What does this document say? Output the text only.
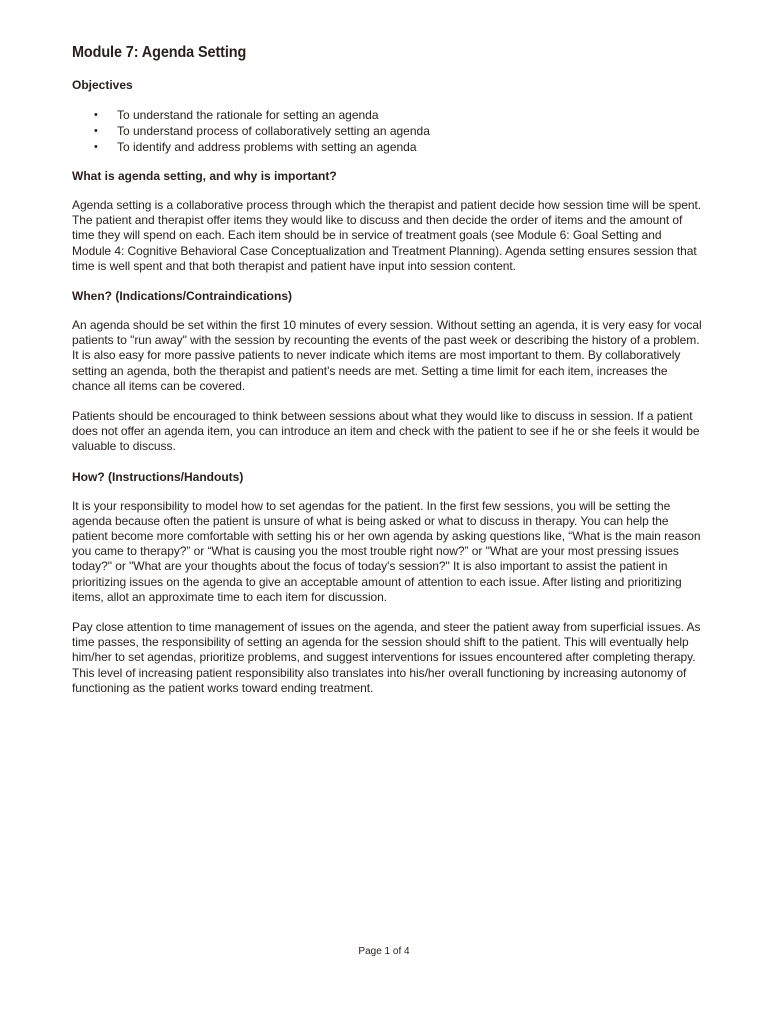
Module 7: Agenda Setting
Objectives
• To understand the rationale for setting an agenda
• To understand process of collaboratively setting an agenda
• To identify and address problems with setting an agenda
What is agenda setting, and why is important?

Agenda setting is a collaborative process through which the therapist and patient decide how session time will be spent. The patient and therapist offer items they would like to discuss and then decide the order of items and the amount of time they will spend on each. Each item should be in service of treatment goals (see Module 6: Goal Setting and Module 4: Cognitive Behavioral Case Conceptualization and Treatment Planning). Agenda setting ensures session that time is well spent and that both therapist and patient have input into session content.

When? (Indications/Contraindications)

An agenda should be set within the first 10 minutes of every session. Without setting an agenda, it is very easy for vocal patients to "run away" with the session by recounting the events of the past week or describing the history of a problem. It is also easy for more passive patients to never indicate which items are most important to them. By collaboratively setting an agenda, both the therapist and patient's needs are met. Setting a time limit for each item, increases the chance all items can be covered.

Patients should be encouraged to think between sessions about what they would like to discuss in session. If a patient does not offer an agenda item, you can introduce an item and check with the patient to see if he or she feels it would be valuable to discuss.

How? (Instructions/Handouts)

It is your responsibility to model how to set agendas for the patient. In the first few sessions, you will be setting the agenda because often the patient is unsure of what is being asked or what to discuss in therapy. You can help the patient become more comfortable with setting his or her own agenda by asking questions like, “What is the main reason you came to therapy?” or “What is causing you the most trouble right now?” or "What are your most pressing issues today?" or "What are your thoughts about the focus of today's session?" It is also important to assist the patient in prioritizing issues on the agenda to give an acceptable amount of attention to each issue. After listing and prioritizing items, allot an approximate time to each item for discussion.

Pay close attention to time management of issues on the agenda, and steer the patient away from superficial issues. As time passes, the responsibility of setting an agenda for the session should shift to the patient. This will eventually help him/her to set agendas, prioritize problems, and suggest interventions for issues encountered after completing therapy. This level of increasing patient responsibility also translates into his/her overall functioning by increasing autonomy of functioning as the patient works toward ending treatment.

Page 1 of 4
